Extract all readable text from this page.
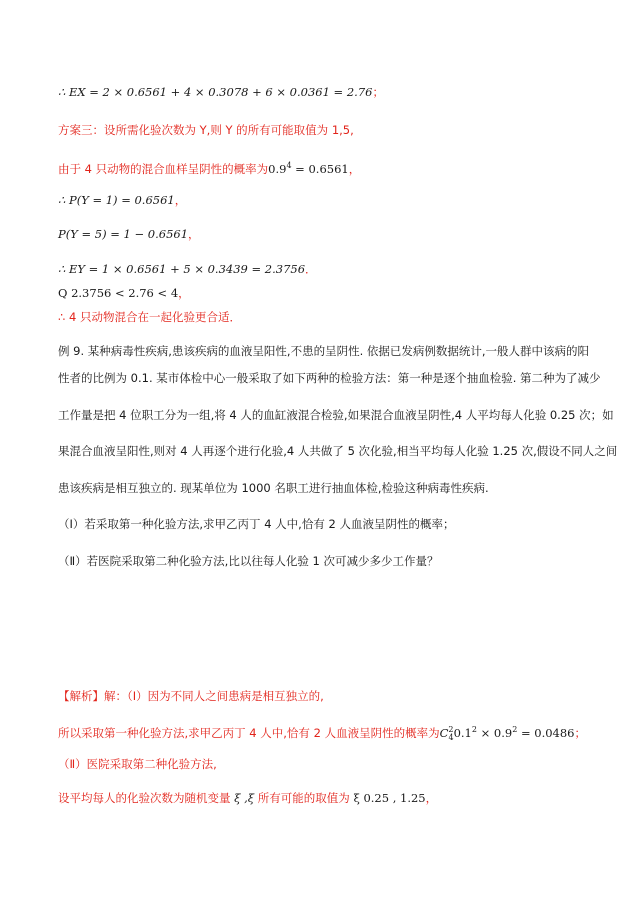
∴ EX = 2 × 0.6561 + 4 × 0.3078 + 6 × 0.0361 = 2.76；
方案三：设所需化验次数为 Y,则 Y 的所有可能取值为 1,5,
由于 4 只动物的混合血样呈阴性的概率为$0.9^4 = 0.6561$，
∴ P(Y = 1) = 0.6561，
P(Y = 5) = 1 − 0.6561，
∴ EY = 1 × 0.6561 + 5 × 0.3439 = 2.3756．
Q 2.3756 < 2.76 < 4，
∴ 4 只动物混合在一起化验更合适．
例 9. 某种病毒性疾病,患该疾病的血液呈阳性,不患的呈阴性. 依据已发病例数据统计,一般人群中该病的阳
性者的比例为 0.1. 某市体检中心一般采取了如下两种的检验方法：第一种是逐个抽血检验. 第二种为了减少
工作量是把 4 位职工分为一组,将 4 人的血缸液混合检验,如果混合血液呈阴性,4 人平均每人化验 0.25 次；如
果混合血液呈阳性,则对 4 人再逐个进行化验,4 人共做了 5 次化验,相当平均每人化验 1.25 次,假设不同人之间
患该疾病是相互独立的. 现某单位为 1000 名职工进行抽血体检,检验这种病毒性疾病.
（Ⅰ）若采取第一种化验方法,求甲乙丙丁 4 人中,恰有 2 人血液呈阴性的概率；
（Ⅱ）若医院采取第二种化验方法,比以往每人化验 1 次可减少多少工作量？
【解析】解：（Ⅰ）因为不同人之间患病是相互独立的,
所以采取第一种化验方法,求甲乙丙丁 4 人中,恰有 2 人血液呈阴性的概率为$C^2_40.1^2 \times 0.9^2 = 0.0486$；
（Ⅱ）医院采取第二种化验方法,
设平均每人的化验次数为随机变量 ξ ,ξ 所有可能的取值为 ξ 0.25 , 1.25，
